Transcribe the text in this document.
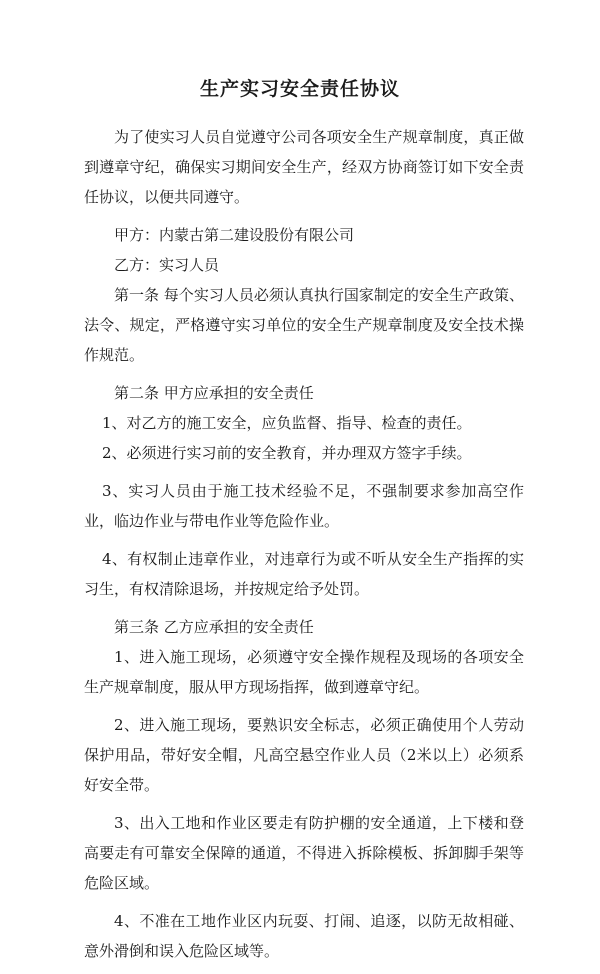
生产实习安全责任协议

为了使实习人员自觉遵守公司各项安全生产规章制度，真正做到遵章守纪，确保实习期间安全生产，经双方协商签订如下安全责任协议，以便共同遵守。

甲方：内蒙古第二建设股份有限公司

乙方：实习人员

第一条 每个实习人员必须认真执行国家制定的安全生产政策、法令、规定，严格遵守实习单位的安全生产规章制度及安全技术操作规范。

第二条 甲方应承担的安全责任

1、对乙方的施工安全，应负监督、指导、检查的责任。

2、必须进行实习前的安全教育，并办理双方签字手续。

3、实习人员由于施工技术经验不足，不强制要求参加高空作业，临边作业与带电作业等危险作业。

4、有权制止违章作业，对违章行为或不听从安全生产指挥的实习生，有权清除退场，并按规定给予处罚。

第三条 乙方应承担的安全责任

1、进入施工现场，必须遵守安全操作规程及现场的各项安全生产规章制度，服从甲方现场指挥，做到遵章守纪。

2、进入施工现场，要熟识安全标志，必须正确使用个人劳动保护用品，带好安全帽，凡高空悬空作业人员（2米以上）必须系好安全带。

3、出入工地和作业区要走有防护棚的安全通道，上下楼和登高要走有可靠安全保障的通道，不得进入拆除模板、拆卸脚手架等危险区域。

4、不准在工地作业区内玩耍、打闹、追逐，以防无故相碰、意外滑倒和误入危险区域等。
